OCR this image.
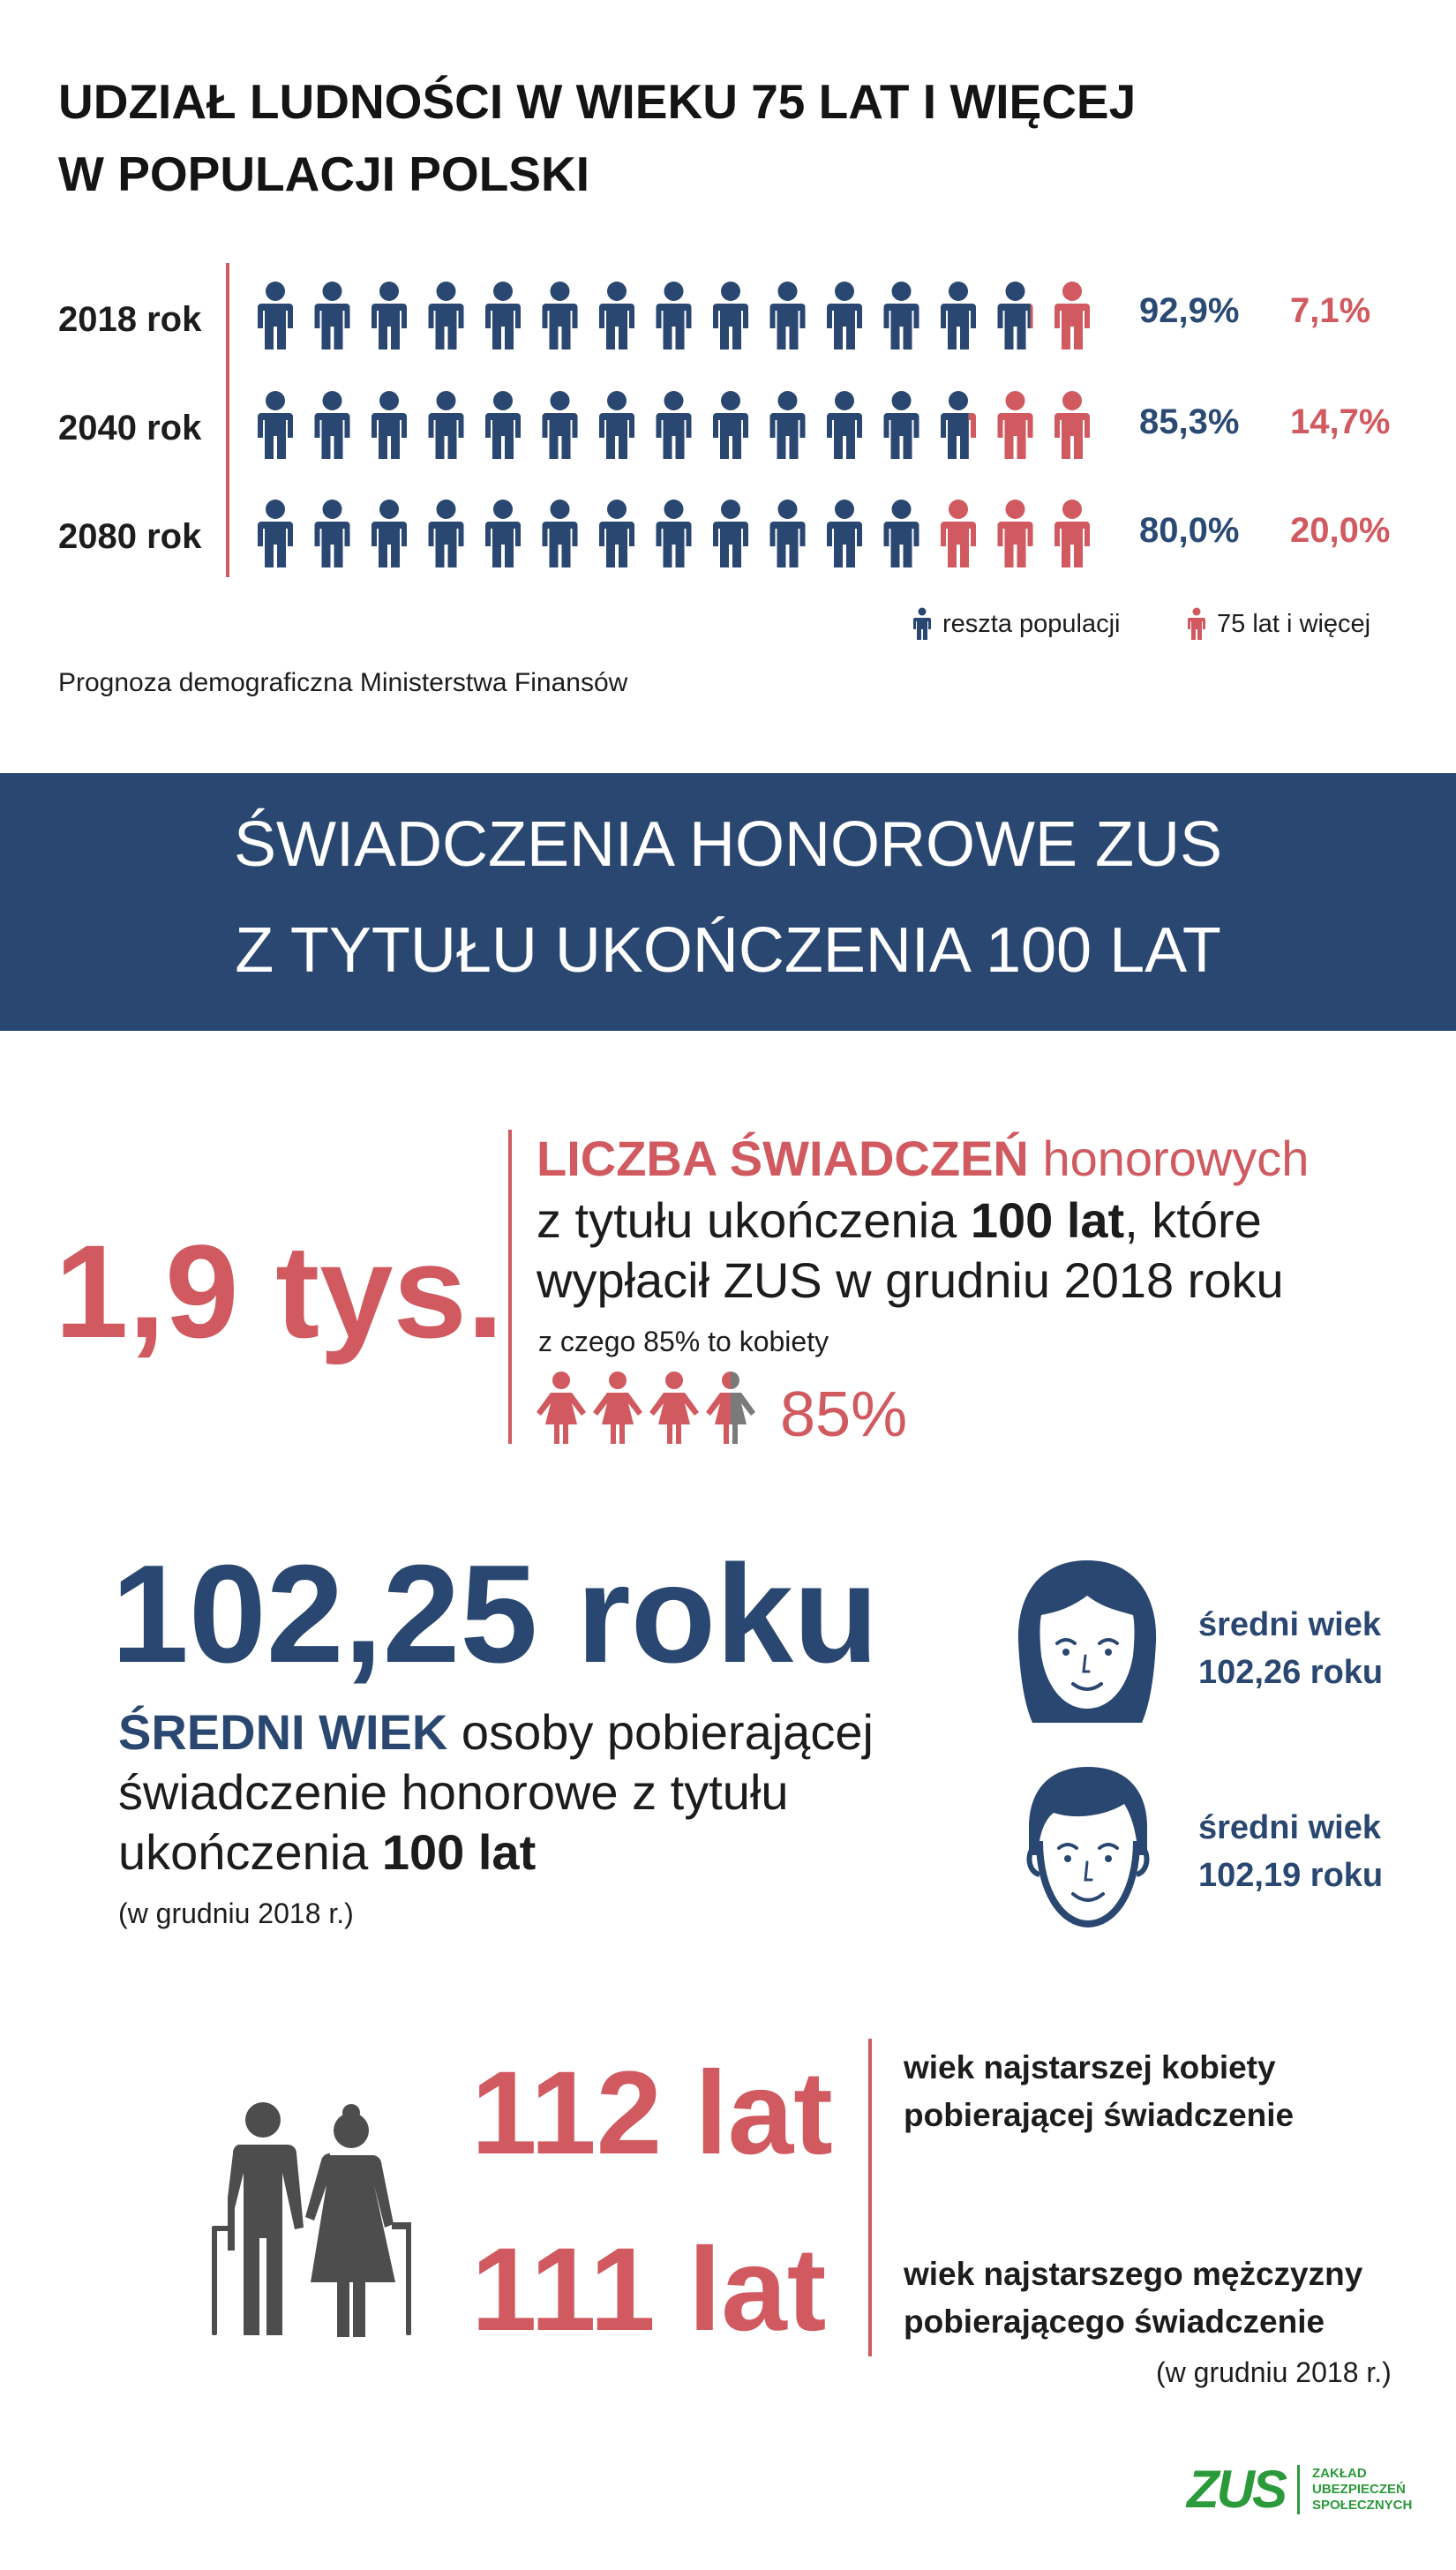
UDZIAŁ LUDNOŚCI W WIEKU 75 LAT I WIĘCEJ
W POPULACJI POLSKI
2018 rok
2040 rok
2080 rok
92,9% 7,1%
85,3% 14,7%
80,0% 20,0%
reszta populacji	75 lat i więcej
Prognoza demograficzna Ministerstwa Finansów
ŚWIADCZENIA HONOROWE ZUS
Z TYTUŁU UKOŃCZENIA 100 LAT
1,9 tys.
LICZBA ŚWIADCZEŃ honorowych
z tytułu ukończenia 100 lat, które
wypłacił ZUS w grudniu 2018 roku
z czego 85% to kobiety
85%
102,25 roku
ŚREDNI WIEK osoby pobierającej
świadczenie honorowe z tytułu
ukończenia 100 lat
(w grudniu 2018 r.)
średni wiek
102,26 roku
średni wiek
102,19 roku
112 lat
111 lat
wiek najstarszej kobiety
pobierającej świadczenie
wiek najstarszego mężczyzny
pobierającego świadczenie
(w grudniu 2018 r.)
ZUS ZAKŁAD
UBEZPIECZEŃ
SPOŁECZNYCH
